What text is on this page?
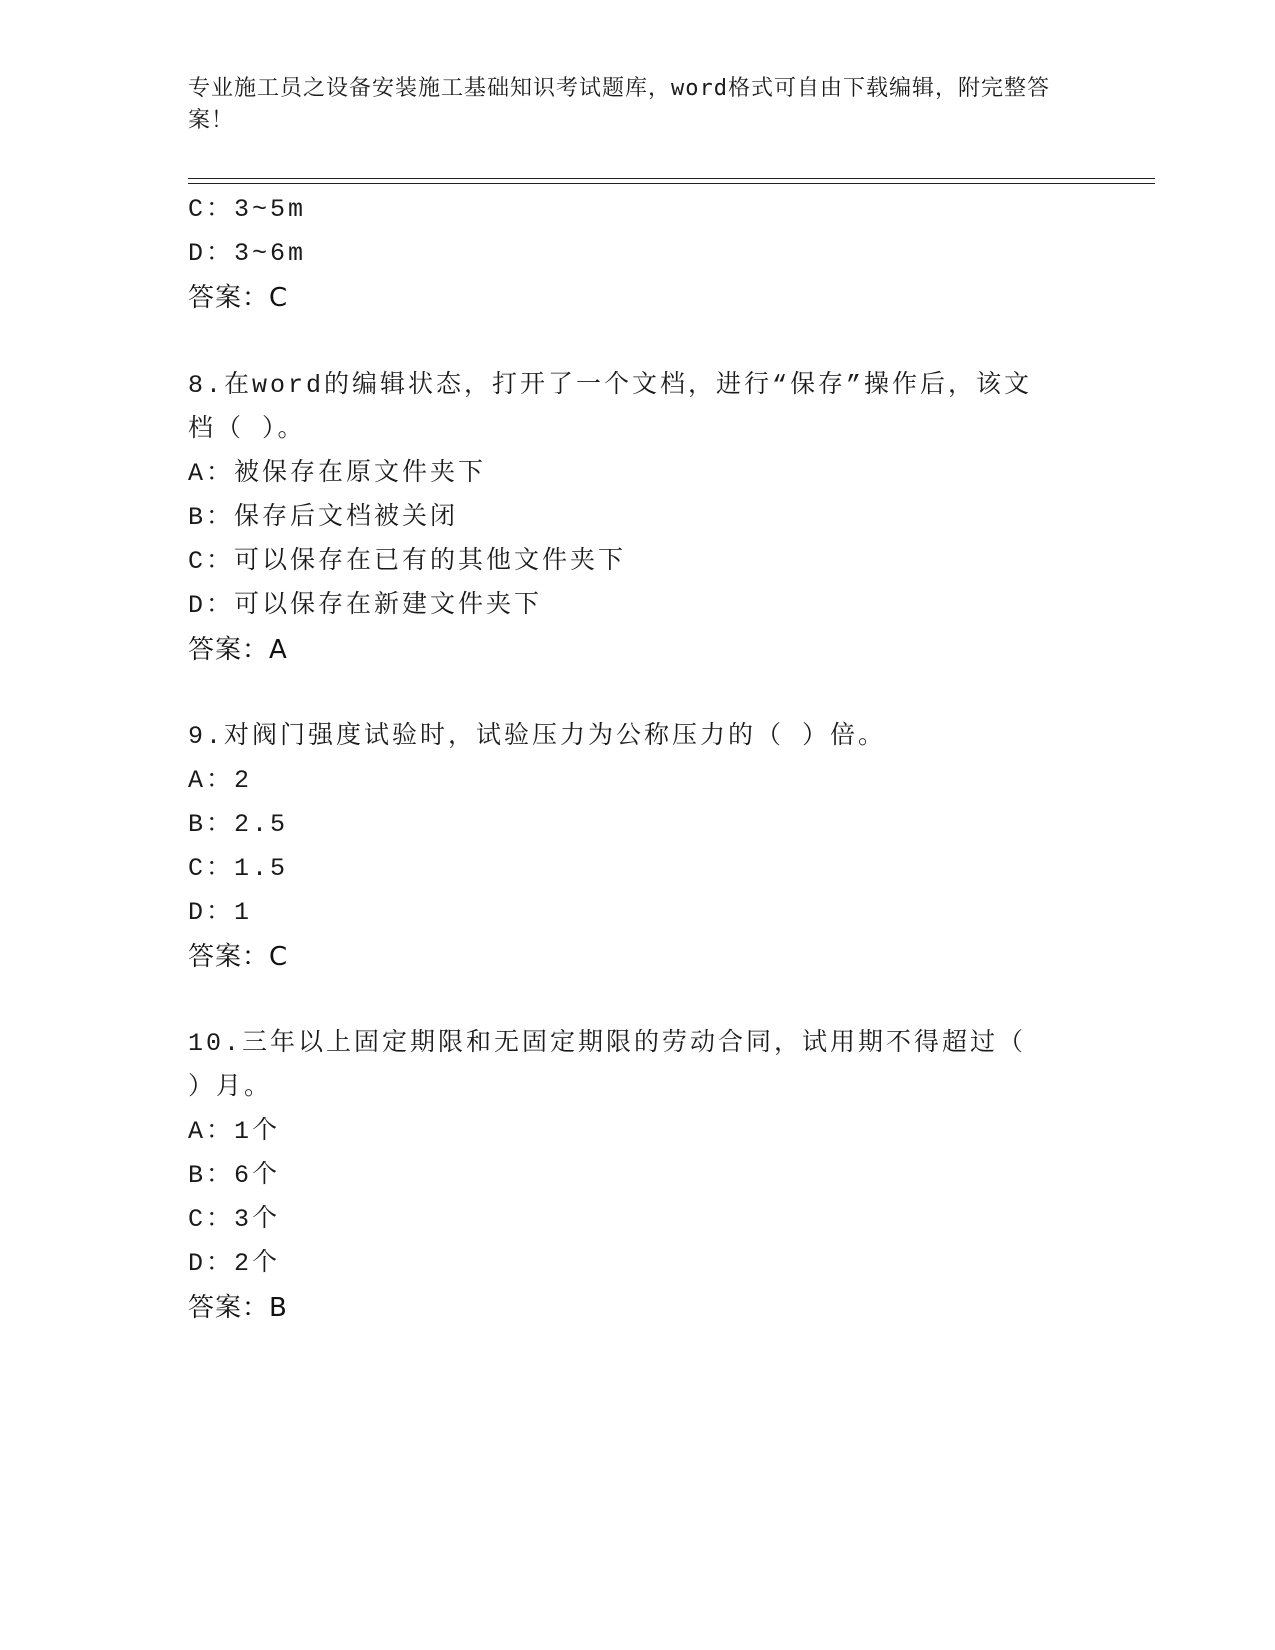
专业施工员之设备安装施工基础知识考试题库，word格式可自由下载编辑，附完整答案！
C：3~5m
D：3~6m
答案：C
8.在word的编辑状态，打开了一个文档，进行“保存”操作后，该文
档（ ）。
A：被保存在原文件夹下
B：保存后文档被关闭
C：可以保存在已有的其他文件夹下
D：可以保存在新建文件夹下
答案：A
9.对阀门强度试验时，试验压力为公称压力的（ ）倍。
A：2
B：2.5
C：1.5
D：1
答案：C
10.三年以上固定期限和无固定期限的劳动合同，试用期不得超过（
）月。
A：1个
B：6个
C：3个
D：2个
答案：B
